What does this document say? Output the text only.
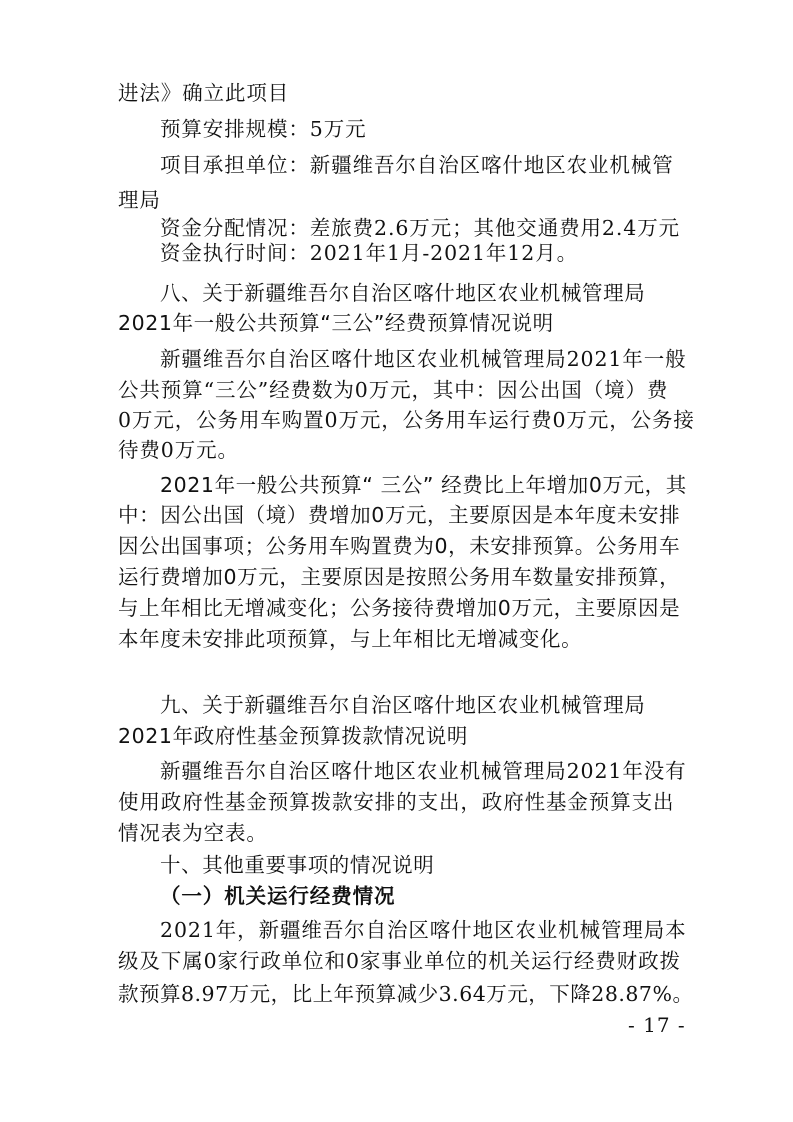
进法》确立此项目

预算安排规模：5万元

项目承担单位：新疆维吾尔自治区喀什地区农业机械管

理局

资金分配情况：差旅费2.6万元；其他交通费用2.4万元

资金执行时间：2021年1月-2021年12月。

八、关于新疆维吾尔自治区喀什地区农业机械管理局

2021年一般公共预算“三公”经费预算情况说明

新疆维吾尔自治区喀什地区农业机械管理局2021年一般

公共预算“三公”经费数为0万元，其中：因公出国（境）费

0万元，公务用车购置0万元，公务用车运行费0万元，公务接

待费0万元。

2021年一般公共预算“ 三公” 经费比上年增加0万元，其

中：因公出国（境）费增加0万元，主要原因是本年度未安排

因公出国事项；公务用车购置费为0，未安排预算。公务用车

运行费增加0万元，主要原因是按照公务用车数量安排预算，

与上年相比无增减变化；公务接待费增加0万元，主要原因是

本年度未安排此项预算，与上年相比无增减变化。

九、关于新疆维吾尔自治区喀什地区农业机械管理局

2021年政府性基金预算拨款情况说明

新疆维吾尔自治区喀什地区农业机械管理局2021年没有

使用政府性基金预算拨款安排的支出，政府性基金预算支出

情况表为空表。

十、其他重要事项的情况说明

（一）机关运行经费情况

2021年，新疆维吾尔自治区喀什地区农业机械管理局本

级及下属0家行政单位和0家事业单位的机关运行经费财政拨

款预算8.97万元，比上年预算减少3.64万元，下降28.87%。

- 17 -
